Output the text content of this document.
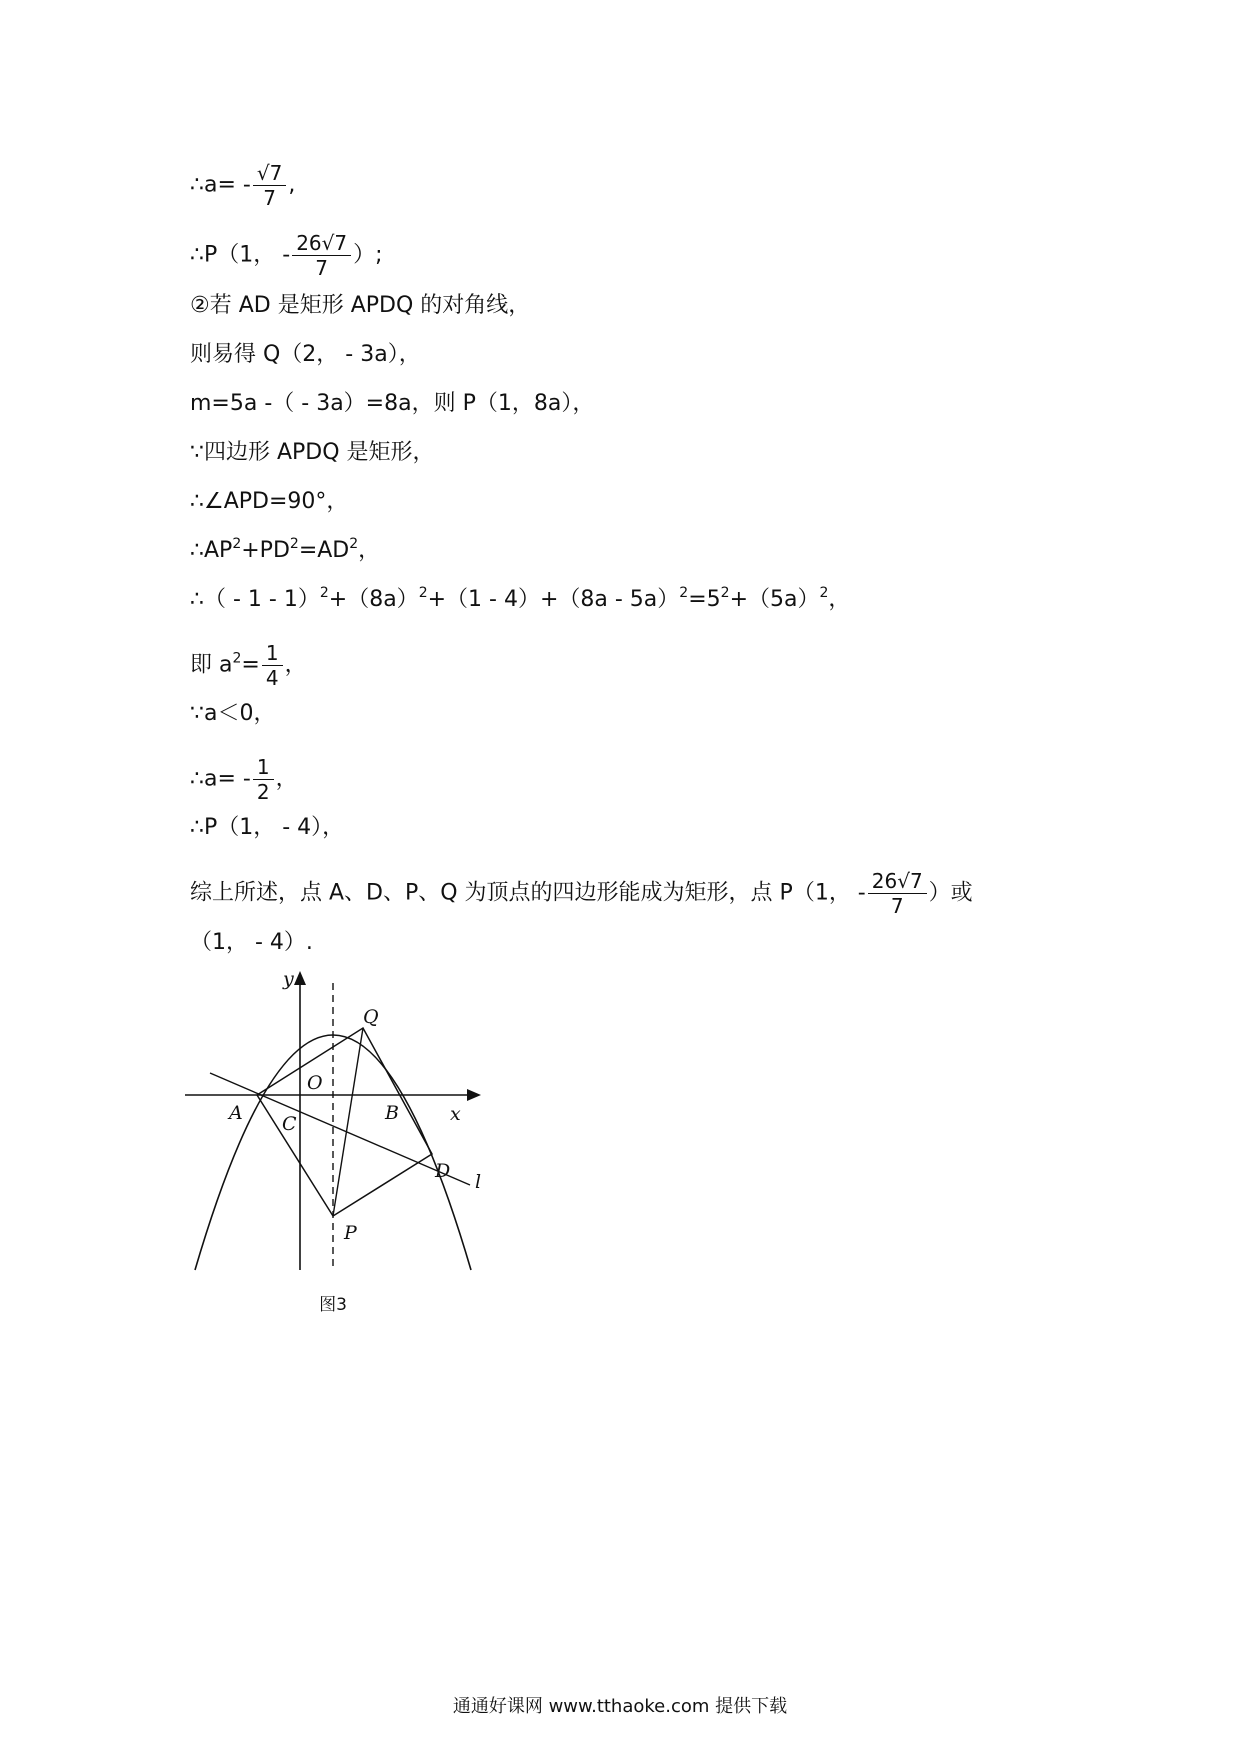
∴a= - $\frac{√7}{7}$ ,
∴P（1， - $\frac{26√7}{7}$ ）;
②若 AD 是矩形 APDQ 的对角线，
则易得 Q（2， - 3a），
m=5a -（ - 3a）=8a，则 P（1，8a），
∵四边形 APDQ 是矩形，
∴∠APD=90°，
$\therefore AP^2+PD^2=AD^2$，
∴（ - $1 - 1)^2+(8a)^2+(1 - 4)+(8a - 5a)^2=5^2+(5a)^2$，
即 $a^2= \frac{1}{4}$ ，
∵a＜0，
∴a= - $\frac{1}{2}$ ，
∴P（1， - 4），
综上所述，点 A、D、P、Q 为顶点的四边形能成为矩形，点 P（1， - $\frac{26√7}{7}$ ）或
（1， - 4）.
y
x
O
A	B
C
D
P
Q
l
图3
通通好课网 www.tthaoke.com 提供下载
